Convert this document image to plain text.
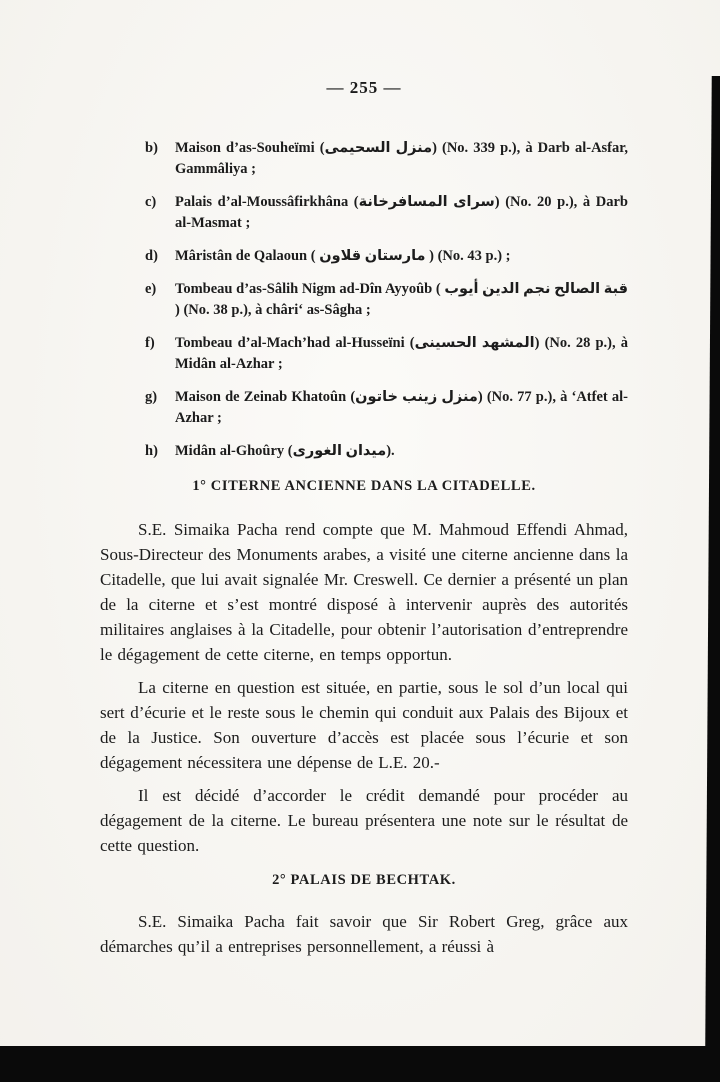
— 255 —
b) Maison d’as-Souheïmi (منزل السحيمى) (No. 339 p.), à Darb al-Asfar, Gammâliya ;
c) Palais d’al-Moussâfirkhâna (سراى المسافرخانة) (No. 20 p.), à Darb al-Masmat ;
d) Mâristân de Qalaoun ( مارستان قلاون ) (No. 43 p.) ;
e) Tombeau d’as-Sâlih Nigm ad-Dîn Ayyoûb ( قبة الصالح نجم الدين أيوب ) (No. 38 p.), à châri‘ as-Sâgha ;
f) Tombeau d’al-Mach’had al-Husseïni (المشهد الحسينى) (No. 28 p.), à Midân al-Azhar ;
g) Maison de Zeinab Khatoûn (منزل زينب خاتون) (No. 77 p.), à ‘Atfet al-Azhar ;
h) Midân al-Ghoûry (ميدان الغورى).
1° CITERNE ANCIENNE DANS LA CITADELLE.

S.E. Simaika Pacha rend compte que M. Mahmoud Effendi Ahmad, Sous-Directeur des Monuments arabes, a visité une citerne ancienne dans la Citadelle, que lui avait signalée Mr. Creswell. Ce dernier a présenté un plan de la citerne et s’est montré disposé à intervenir auprès des autorités militaires anglaises à la Citadelle, pour obtenir l’autorisation d’entreprendre le dégagement de cette citerne, en temps opportun.

La citerne en question est située, en partie, sous le sol d’un local qui sert d’écurie et le reste sous le chemin qui conduit aux Palais des Bijoux et de la Justice. Son ouverture d’accès est placée sous l’écurie et son dégagement nécessitera une dépense de L.E. 20.-

Il est décidé d’accorder le crédit demandé pour procéder au dégagement de la citerne. Le bureau présentera une note sur le résultat de cette question.

2° PALAIS DE BECHTAK.

S.E. Simaika Pacha fait savoir que Sir Robert Greg, grâce aux démarches qu’il a entreprises personnellement, a réussi à
